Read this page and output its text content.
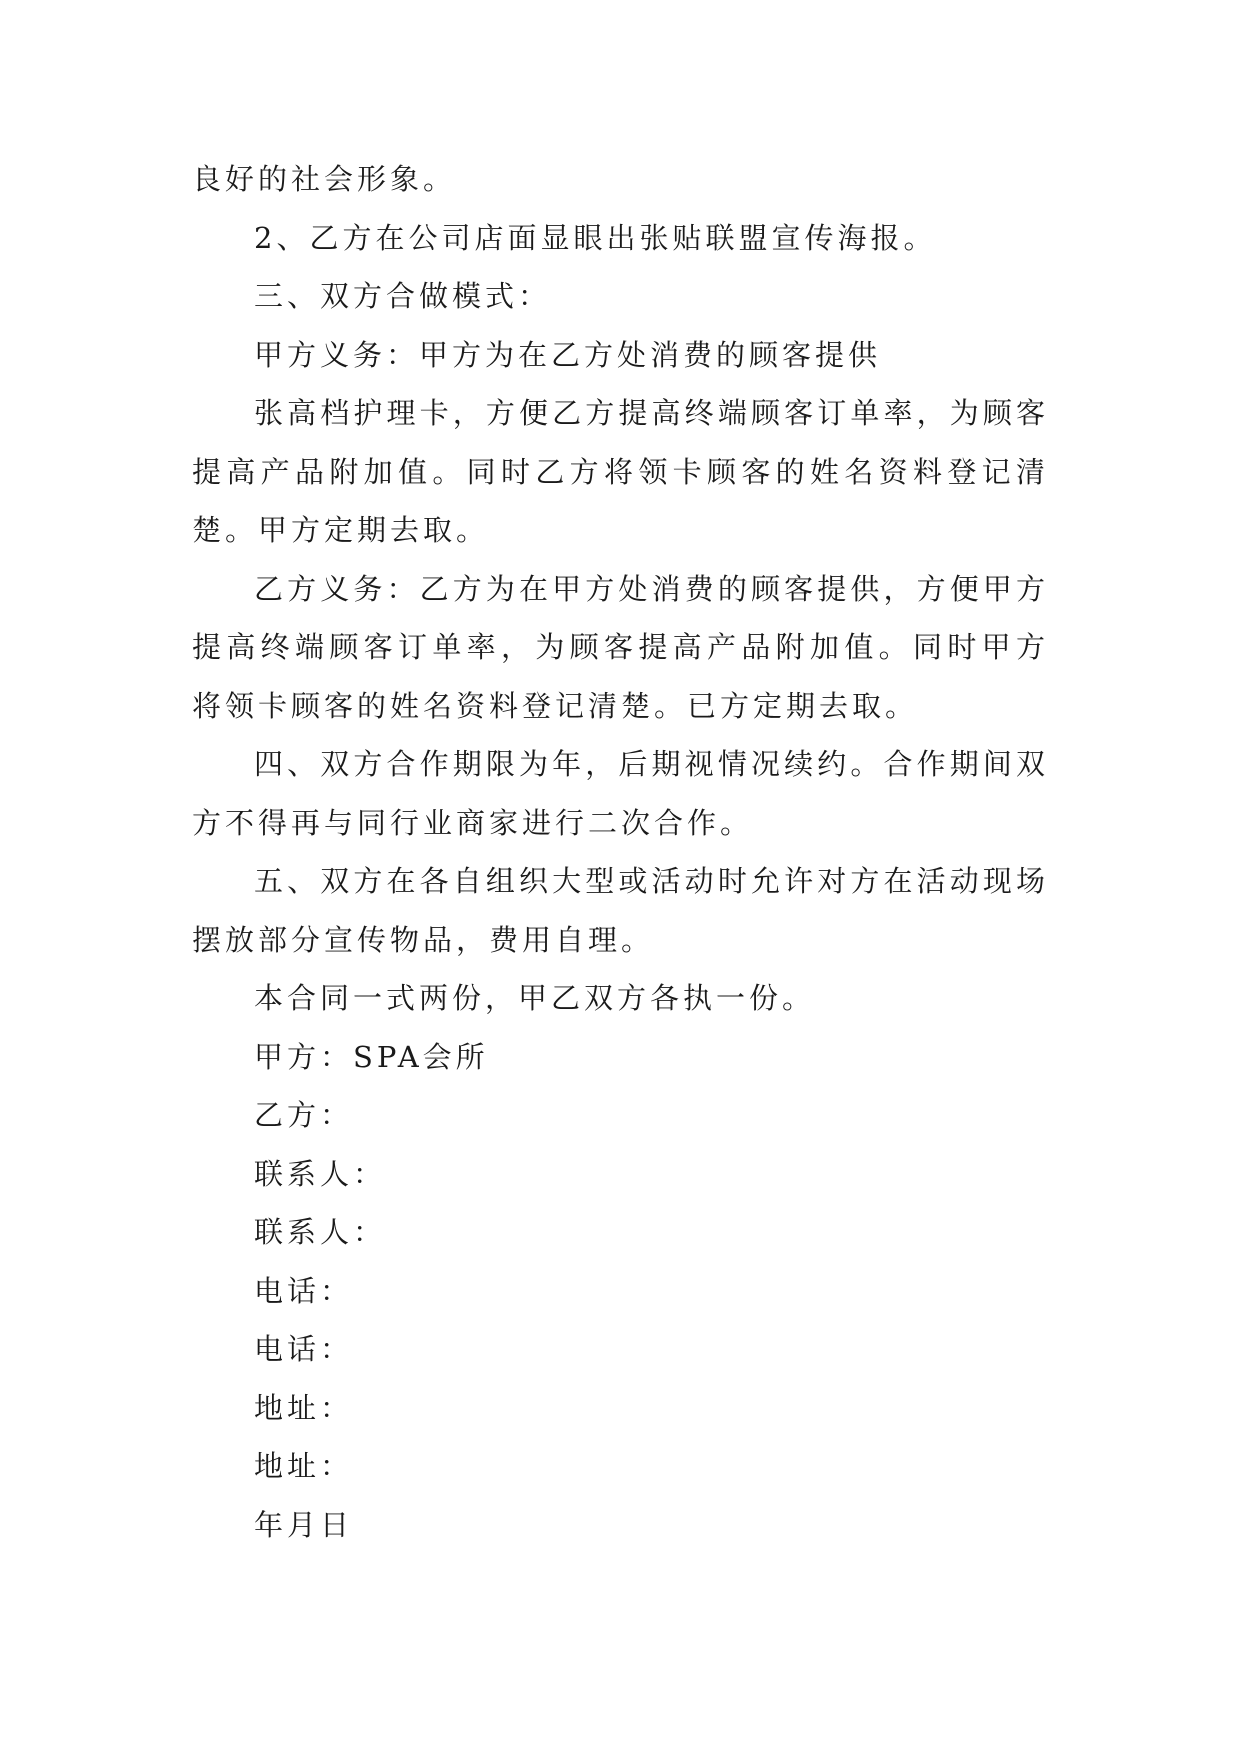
良好的社会形象。

2、乙方在公司店面显眼出张贴联盟宣传海报。

三、双方合做模式：

甲方义务：甲方为在乙方处消费的顾客提供

张高档护理卡，方便乙方提高终端顾客订单率，为顾客提高产品附加值。同时乙方将领卡顾客的姓名资料登记清楚。甲方定期去取。

乙方义务：乙方为在甲方处消费的顾客提供，方便甲方提高终端顾客订单率，为顾客提高产品附加值。同时甲方将领卡顾客的姓名资料登记清楚。已方定期去取。

四、双方合作期限为年，后期视情况续约。合作期间双方不得再与同行业商家进行二次合作。

五、双方在各自组织大型或活动时允许对方在活动现场摆放部分宣传物品，费用自理。

本合同一式两份，甲乙双方各执一份。

甲方：SPA会所

乙方：

联系人：

联系人：

电话：

电话：

地址：

地址：

年月日
